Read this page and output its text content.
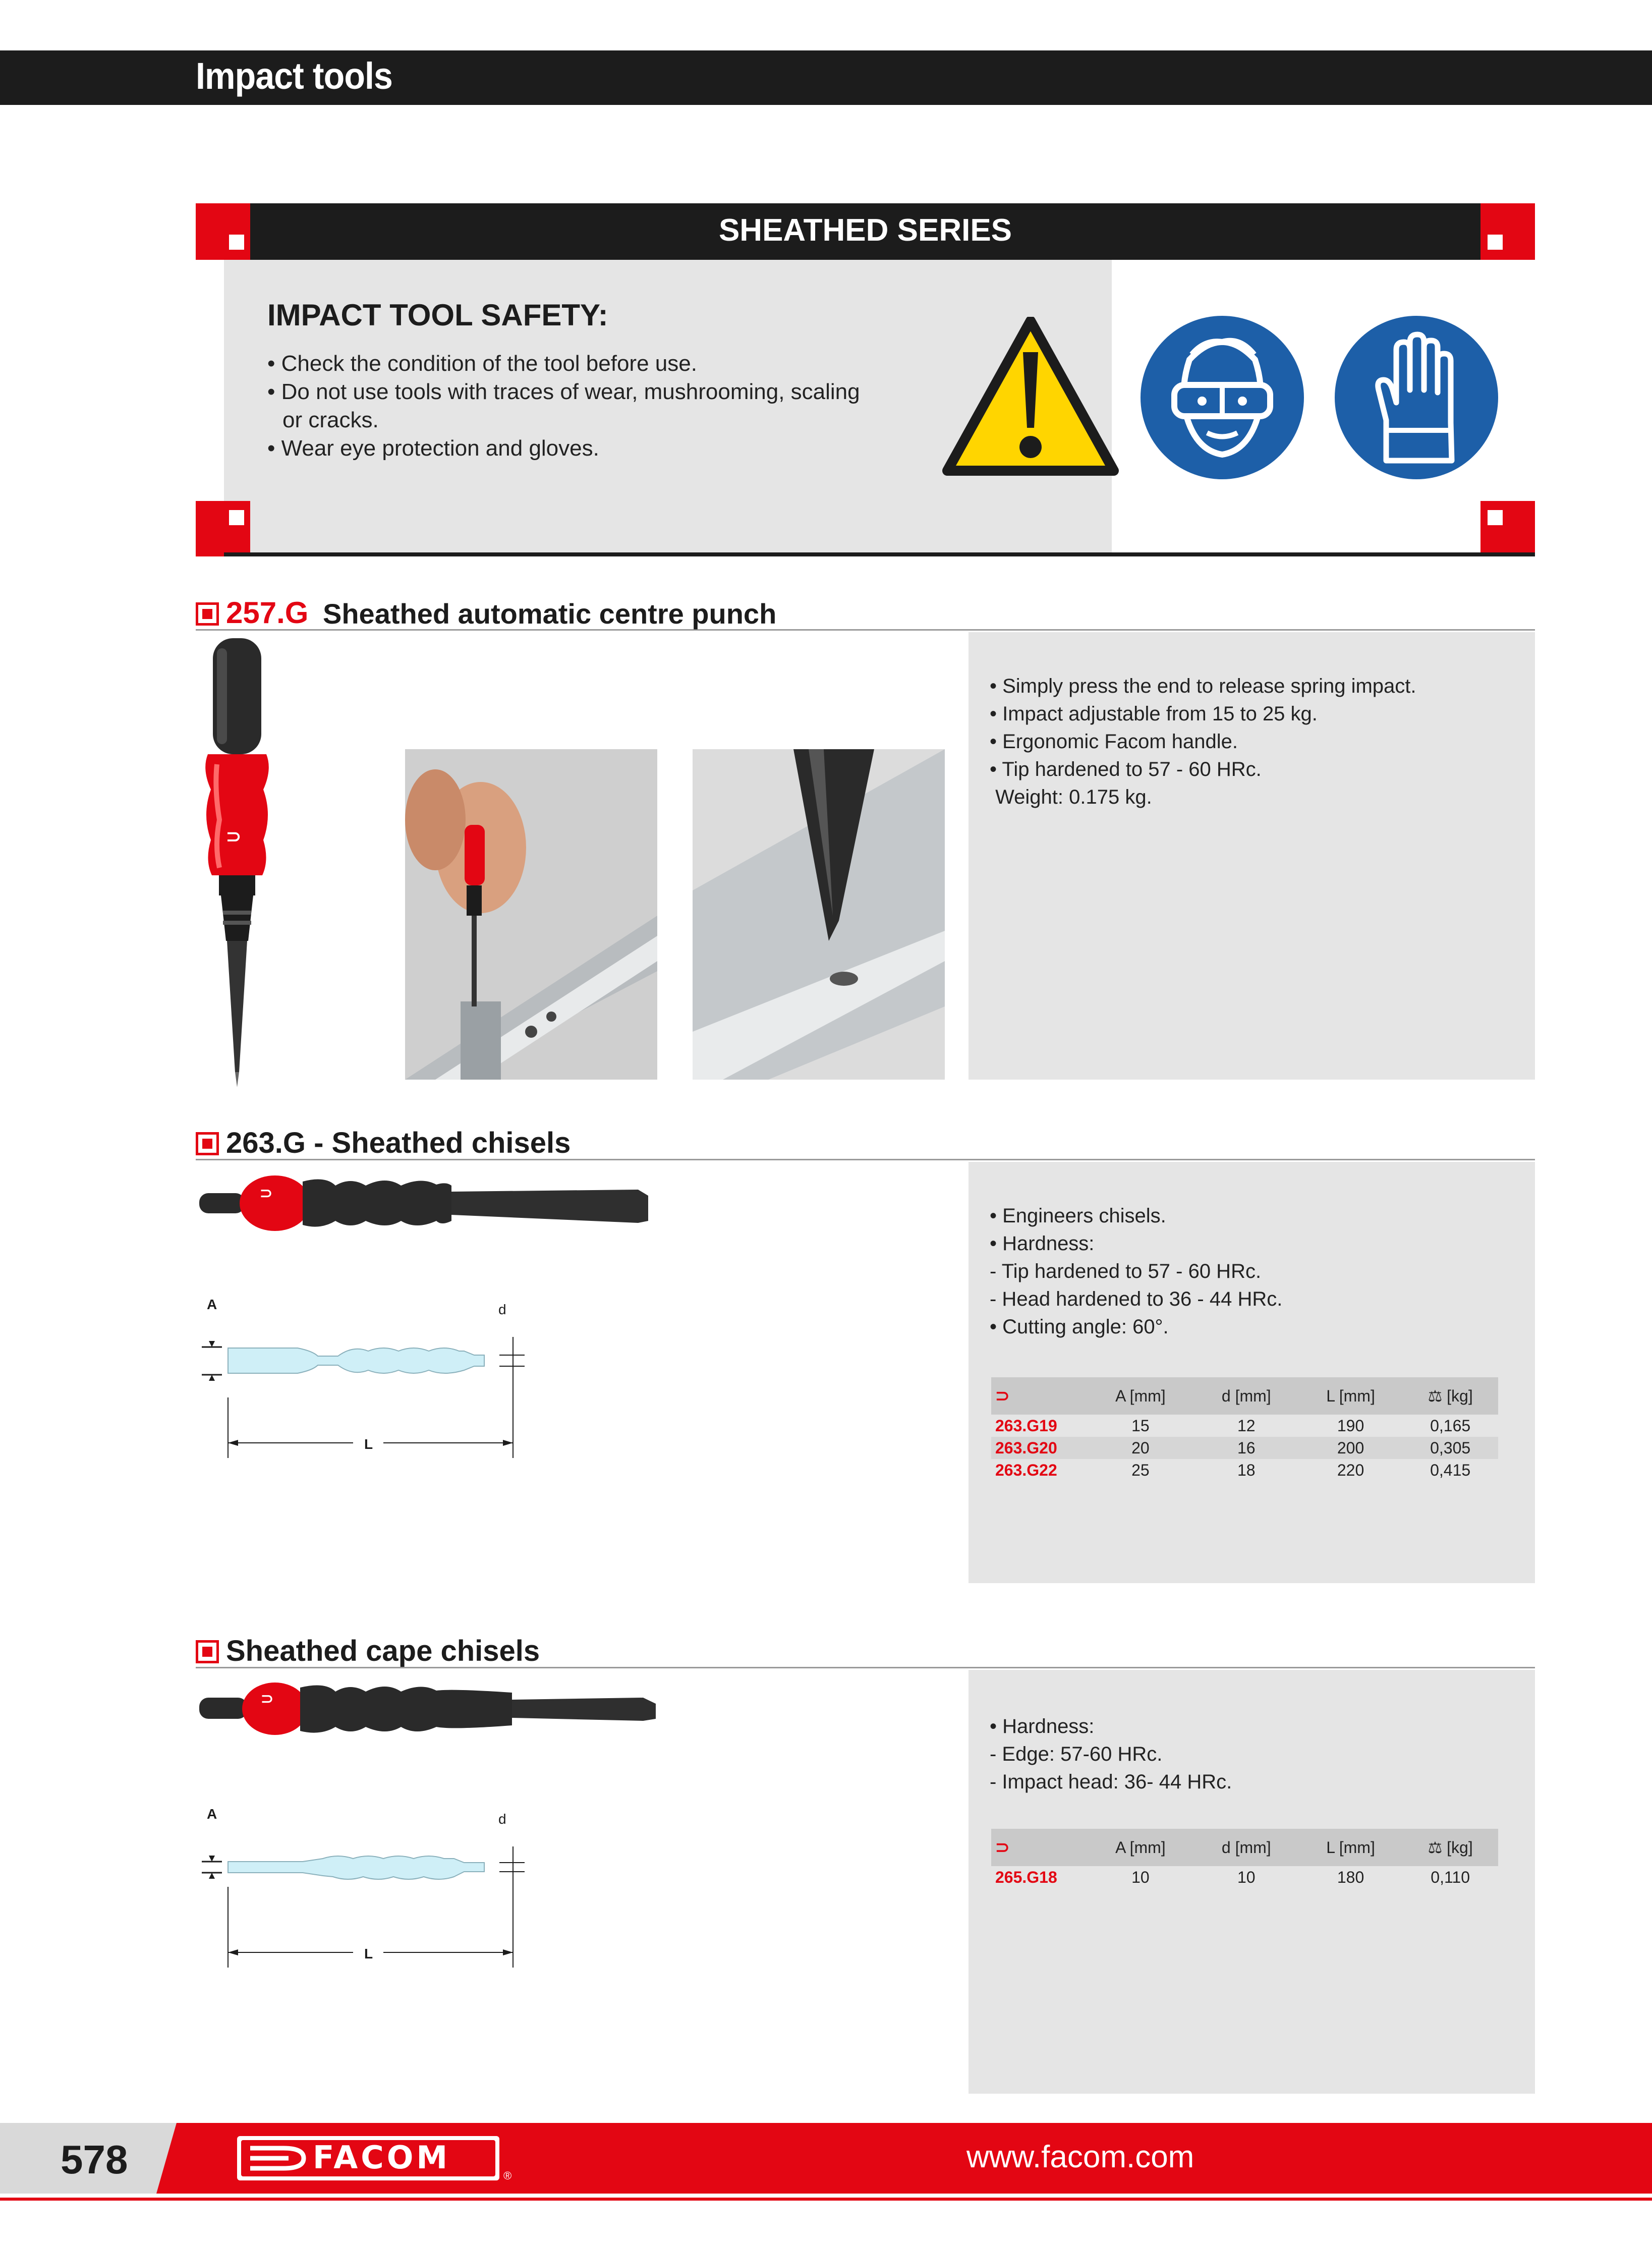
Impact tools
SHEATHED SERIES
IMPACT TOOL SAFETY:
• Check the condition of the tool before use.
• Do not use tools with traces of wear, mushrooming, scaling or cracks.
• Wear eye protection and gloves.
257.G Sheathed automatic centre punch
• Simply press the end to release spring impact.
• Impact adjustable from 15 to 25 kg.
• Ergonomic Facom handle.
• Tip hardened to 57 - 60 HRc.
Weight: 0.175 kg.
⊃
263.G - Sheathed chisels
• Engineers chisels.
• Hardness:
- Tip hardened to 57 - 60 HRc.
- Head hardened to 36 - 44 HRc.
• Cutting angle: 60°.
⊃	A [mm]	d [mm]	L [mm]	⚖ [kg]
263.G19	15	12	190	0,165
263.G20	20	16	200	0,305
263.G22	25	18	220	0,415
⊃
A	d
L
Sheathed cape chisels
• Hardness:
- Edge: 57-60 HRc.
- Impact head: 36- 44 HRc.
⊃	A [mm]	d [mm]	L [mm]	⚖ [kg]
265.G18	10	10	180	0,110
⊃
A	d
L
578	FACOM	®
www.facom.com
